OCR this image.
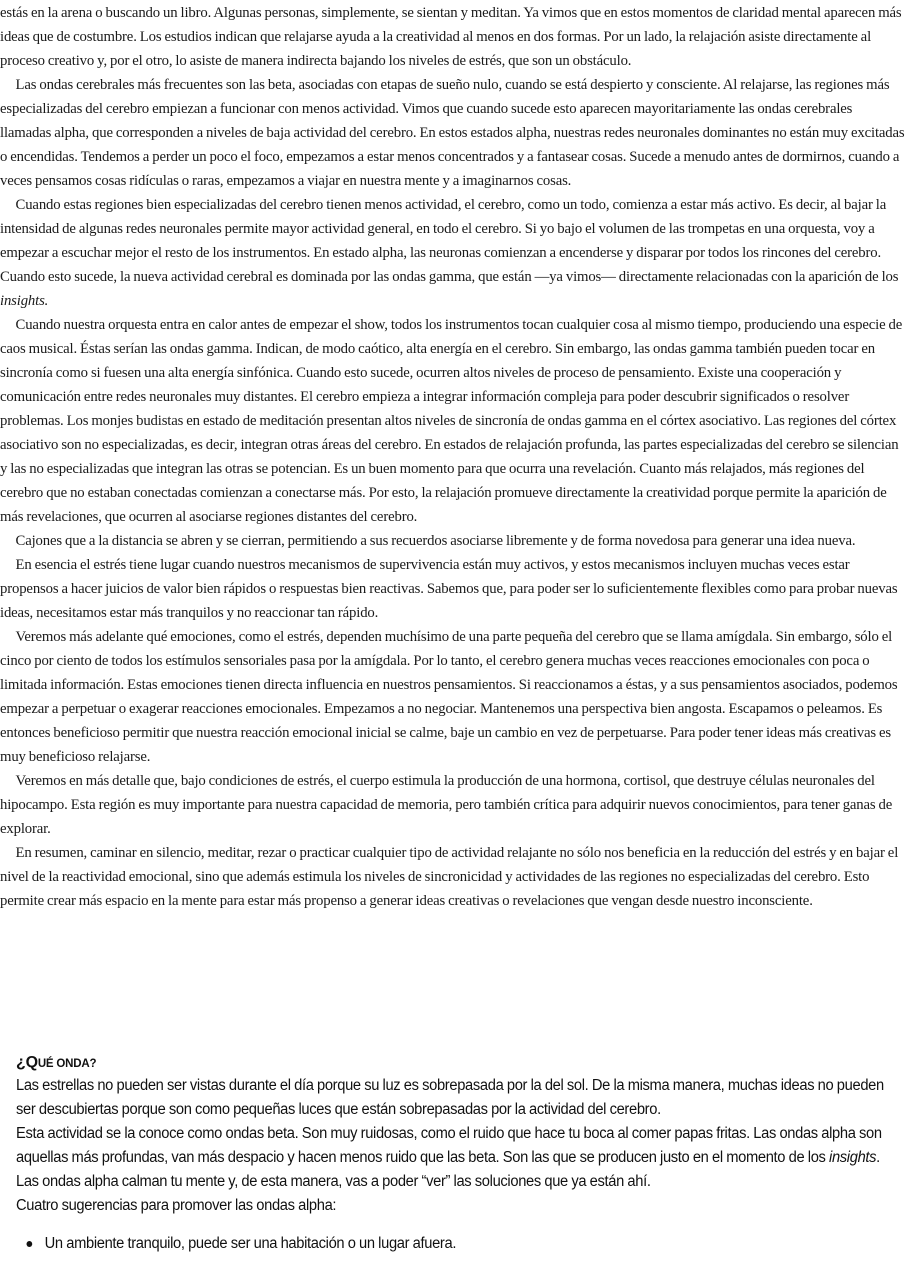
estás en la arena o buscando un libro. Algunas personas, simplemente, se sientan y meditan. Ya vimos que en estos momentos de claridad mental aparecen más ideas que de costumbre. Los estudios indican que relajarse ayuda a la creatividad al menos en dos formas. Por un lado, la relajación asiste directamente al proceso creativo y, por el otro, lo asiste de manera indirecta bajando los niveles de estrés, que son un obstáculo.

Las ondas cerebrales más frecuentes son las beta, asociadas con etapas de sueño nulo, cuando se está despierto y consciente. Al relajarse, las regiones más especializadas del cerebro empiezan a funcionar con menos actividad. Vimos que cuando sucede esto aparecen mayoritariamente las ondas cerebrales llamadas alpha, que corresponden a niveles de baja actividad del cerebro. En estos estados alpha, nuestras redes neuronales dominantes no están muy excitadas o encendidas. Tendemos a perder un poco el foco, empezamos a estar menos concentrados y a fantasear cosas. Sucede a menudo antes de dormirnos, cuando a veces pensamos cosas ridículas o raras, empezamos a viajar en nuestra mente y a imaginarnos cosas.

Cuando estas regiones bien especializadas del cerebro tienen menos actividad, el cerebro, como un todo, comienza a estar más activo. Es decir, al bajar la intensidad de algunas redes neuronales permite mayor actividad general, en todo el cerebro. Si yo bajo el volumen de las trompetas en una orquesta, voy a empezar a escuchar mejor el resto de los instrumentos. En estado alpha, las neuronas comienzan a encenderse y disparar por todos los rincones del cerebro. Cuando esto sucede, la nueva actividad cerebral es dominada por las ondas gamma, que están —ya vimos— directamente relacionadas con la aparición de los insights.

Cuando nuestra orquesta entra en calor antes de empezar el show, todos los instrumentos tocan cualquier cosa al mismo tiempo, produciendo una especie de caos musical. Éstas serían las ondas gamma. Indican, de modo caótico, alta energía en el cerebro. Sin embargo, las ondas gamma también pueden tocar en sincronía como si fuesen una alta energía sinfónica. Cuando esto sucede, ocurren altos niveles de proceso de pensamiento. Existe una cooperación y comunicación entre redes neuronales muy distantes. El cerebro empieza a integrar información compleja para poder descubrir significados o resolver problemas. Los monjes budistas en estado de meditación presentan altos niveles de sincronía de ondas gamma en el córtex asociativo. Las regiones del córtex asociativo son no especializadas, es decir, integran otras áreas del cerebro. En estados de relajación profunda, las partes especializadas del cerebro se silencian y las no especializadas que integran las otras se potencian. Es un buen momento para que ocurra una revelación. Cuanto más relajados, más regiones del cerebro que no estaban conectadas comienzan a conectarse más. Por esto, la relajación promueve directamente la creatividad porque permite la aparición de más revelaciones, que ocurren al asociarse regiones distantes del cerebro.

Cajones que a la distancia se abren y se cierran, permitiendo a sus recuerdos asociarse libremente y de forma novedosa para generar una idea nueva.

En esencia el estrés tiene lugar cuando nuestros mecanismos de supervivencia están muy activos, y estos mecanismos incluyen muchas veces estar propensos a hacer juicios de valor bien rápidos o respuestas bien reactivas. Sabemos que, para poder ser lo suficientemente flexibles como para probar nuevas ideas, necesitamos estar más tranquilos y no reaccionar tan rápido.

Veremos más adelante qué emociones, como el estrés, dependen muchísimo de una parte pequeña del cerebro que se llama amígdala. Sin embargo, sólo el cinco por ciento de todos los estímulos sensoriales pasa por la amígdala. Por lo tanto, el cerebro genera muchas veces reacciones emocionales con poca o limitada información. Estas emociones tienen directa influencia en nuestros pensamientos. Si reaccionamos a éstas, y a sus pensamientos asociados, podemos empezar a perpetuar o exagerar reacciones emocionales. Empezamos a no negociar. Mantenemos una perspectiva bien angosta. Escapamos o peleamos. Es entonces beneficioso permitir que nuestra reacción emocional inicial se calme, baje un cambio en vez de perpetuarse. Para poder tener ideas más creativas es muy beneficioso relajarse.

Veremos en más detalle que, bajo condiciones de estrés, el cuerpo estimula la producción de una hormona, cortisol, que destruye células neuronales del hipocampo. Esta región es muy importante para nuestra capacidad de memoria, pero también crítica para adquirir nuevos conocimientos, para tener ganas de explorar.

En resumen, caminar en silencio, meditar, rezar o practicar cualquier tipo de actividad relajante no sólo nos beneficia en la reducción del estrés y en bajar el nivel de la reactividad emocional, sino que además estimula los niveles de sincronicidad y actividades de las regiones no especializadas del cerebro. Esto permite crear más espacio en la mente para estar más propenso a generar ideas creativas o revelaciones que vengan desde nuestro inconsciente.

¿QUÉ ONDA?

Las estrellas no pueden ser vistas durante el día porque su luz es sobrepasada por la del sol. De la misma manera, muchas ideas no pueden ser descubiertas porque son como pequeñas luces que están sobrepasadas por la actividad del cerebro.

Esta actividad se la conoce como ondas beta. Son muy ruidosas, como el ruido que hace tu boca al comer papas fritas. Las ondas alpha son aquellas más profundas, van más despacio y hacen menos ruido que las beta. Son las que se producen justo en el momento de los insights.

Las ondas alpha calman tu mente y, de esta manera, vas a poder “ver” las soluciones que ya están ahí.

Cuatro sugerencias para promover las ondas alpha:

Un ambiente tranquilo, puede ser una habitación o un lugar afuera.
